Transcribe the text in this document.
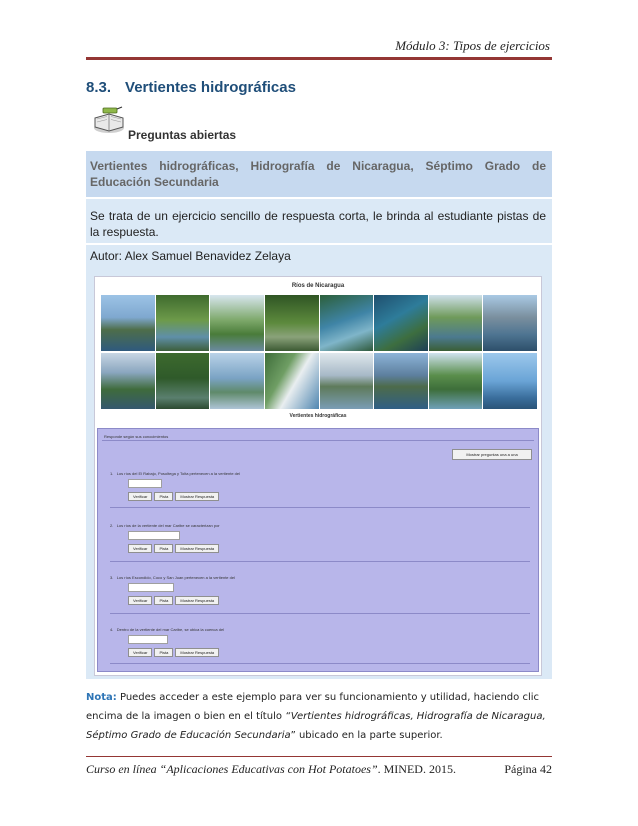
Módulo 3: Tipos de ejercicios
8.3. Vertientes hidrográficas
Preguntas abiertas
Vertientes hidrográficas, Hidrografía de Nicaragua, Séptimo Grado de Educación Secundaria
Se trata de un ejercicio sencillo de respuesta corta, le brinda al estudiante pistas de la respuesta.
Autor: Alex Samuel Benavidez Zelaya
Ríos de Nicaragua
Vertientes hidrográficas
Responde según sus conocimientos
Mostrar preguntas una a una
1. Los ríos del El Rabajo, Posoltega y Tolta pertenecen a la vertiente del
Verificar	Pista	Mostrar Respuesta
2. Los ríos de la vertiente del mar Caribe se caracterizan por
Verificar	Pista	Mostrar Respuesta
3. Los ríos Escondido, Coco y San Juan pertenecen a la vertiente del
Verificar	Pista	Mostrar Respuesta
4. Dentro de la vertiente del mar Caribe, se ubica la cuenca del
Verificar	Pista	Mostrar Respuesta
Nota: Puedes acceder a este ejemplo para ver su funcionamiento y utilidad, haciendo clic encima de la imagen o bien en el título “Vertientes hidrográficas, Hidrografía de Nicaragua, Séptimo Grado de Educación Secundaria” ubicado en la parte superior.
Curso en línea “Aplicaciones Educativas con Hot Potatoes”. MINED. 2015.	Página 42
